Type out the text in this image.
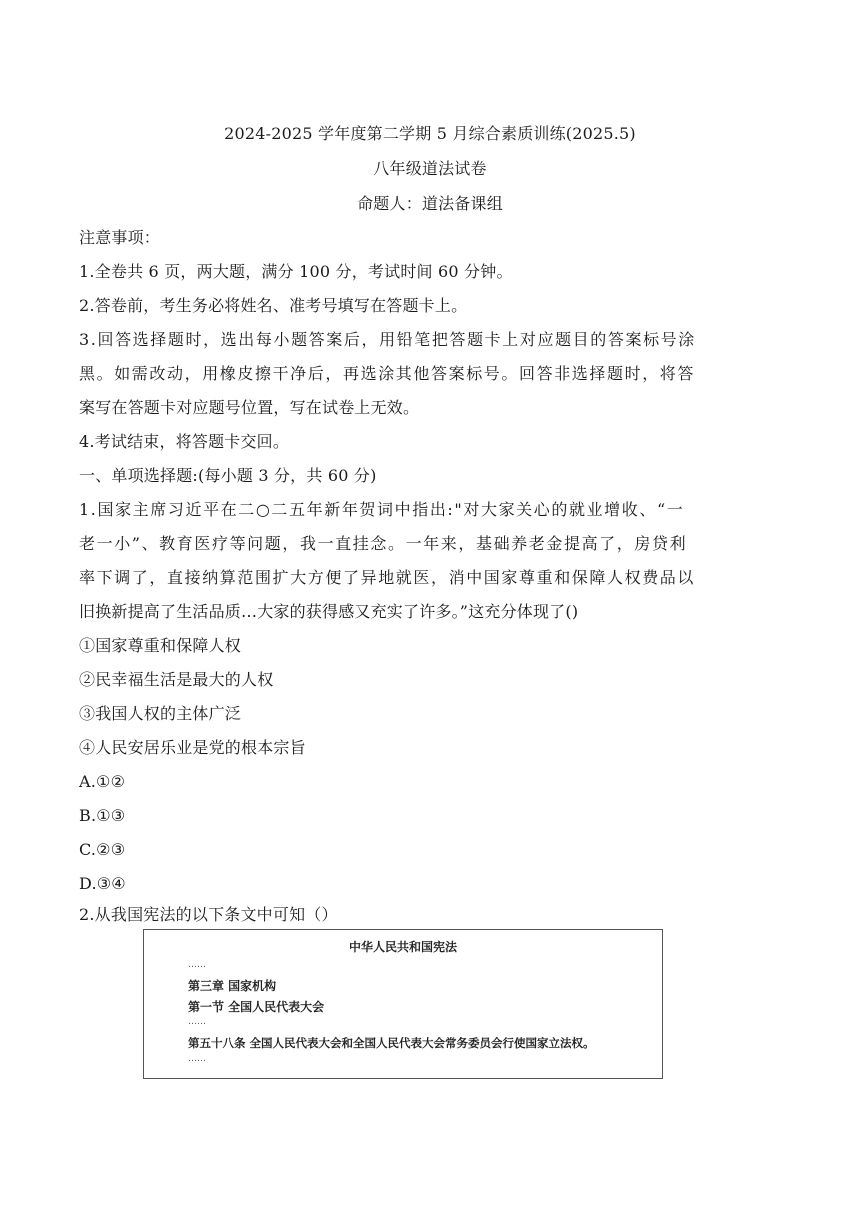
2024-2025 学年度第二学期 5 月综合素质训练(2025.5)
八年级道法试卷
命题人：道法备课组
注意事项：
1.全卷共 6 页，两大题，满分 100 分，考试时间 60 分钟。
2.答卷前，考生务必将姓名、准考号填写在答题卡上。
3.回答选择题时，选出每小题答案后，用铅笔把答题卡上对应题目的答案标号涂
黑。如需改动，用橡皮擦干净后，再选涂其他答案标号。回答非选择题时，将答
案写在答题卡对应题号位置，写在试卷上无效。
4.考试结束，将答题卡交回。
一、单项选择题:(每小题 3 分，共 60 分)
1.国家主席习近平在二○二五年新年贺词中指出:"对大家关心的就业增收、“一
老一小”、教育医疗等问题，我一直挂念。一年来，基础养老金提高了，房贷利
率下调了，直接纳算范围扩大方便了异地就医，消中国家尊重和保障人权费品以
旧换新提高了生活品质…大家的获得感又充实了许多。”这充分体现了()
①国家尊重和保障人权
②民幸福生活是最大的人权
③我国人权的主体广泛
④人民安居乐业是党的根本宗旨
A.①②
B.①③
C.②③
D.③④
2.从我国宪法的以下条文中可知（）
中华人民共和国宪法
……
第三章 国家机构
第一节 全国人民代表大会
……
第五十八条 全国人民代表大会和全国人民代表大会常务委员会行使国家立法权。
……
